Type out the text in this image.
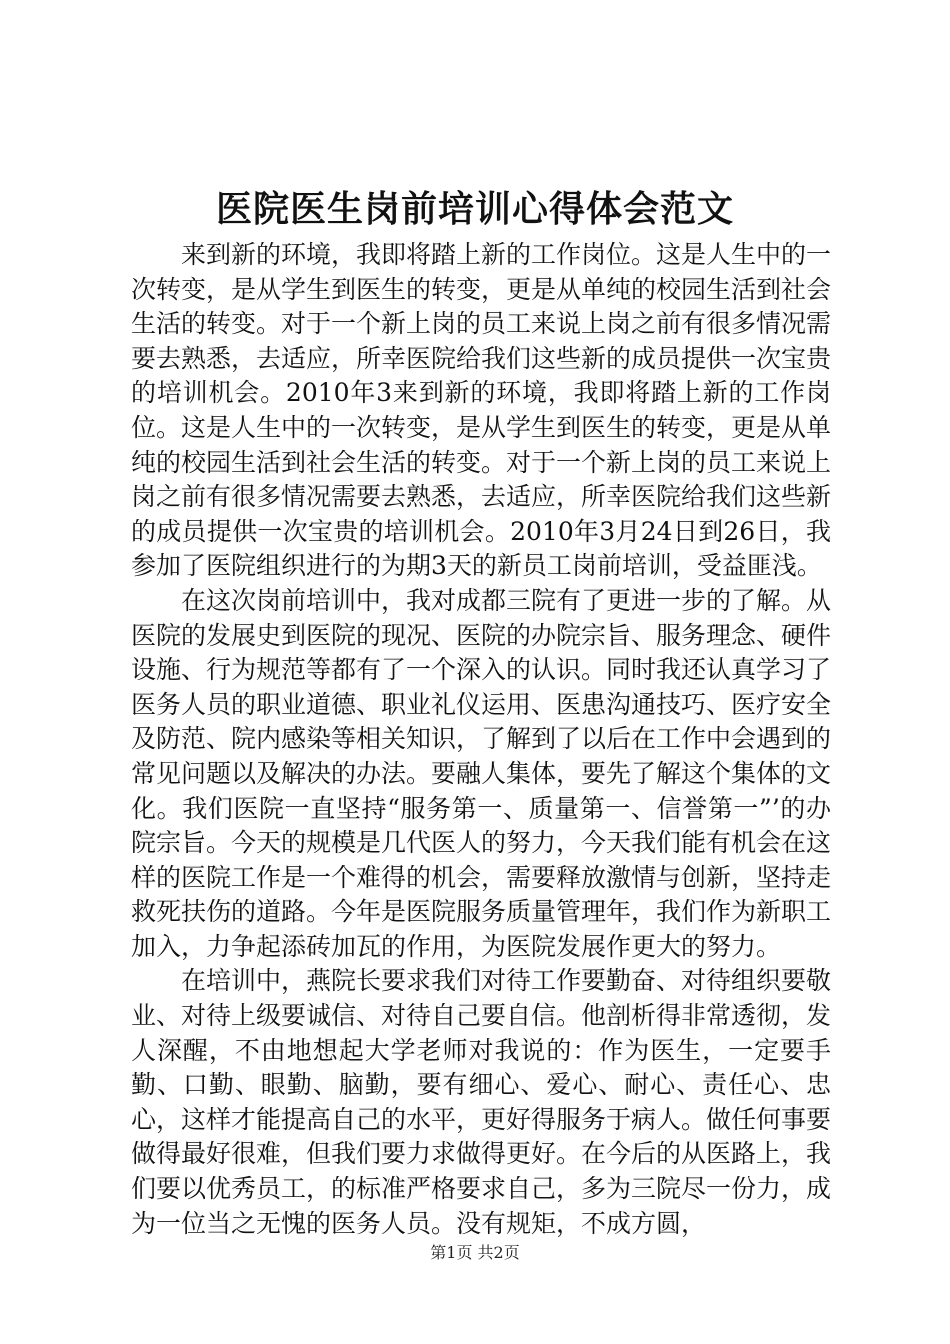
医院医生岗前培训心得体会范文

来到新的环境，我即将踏上新的工作岗位。这是人生中的一次转变，是从学生到医生的转变，更是从单纯的校园生活到社会生活的转变。对于一个新上岗的员工来说上岗之前有很多情况需要去熟悉，去适应，所幸医院给我们这些新的成员提供一次宝贵的培训机会。2010年3来到新的环境，我即将踏上新的工作岗位。这是人生中的一次转变，是从学生到医生的转变，更是从单纯的校园生活到社会生活的转变。对于一个新上岗的员工来说上岗之前有很多情况需要去熟悉，去适应，所幸医院给我们这些新的成员提供一次宝贵的培训机会。2010年3月24日到26日，我参加了医院组织进行的为期3天的新员工岗前培训，受益匪浅。

在这次岗前培训中，我对成都三院有了更进一步的了解。从医院的发展史到医院的现况、医院的办院宗旨、服务理念、硬件设施、行为规范等都有了一个深入的认识。同时我还认真学习了医务人员的职业道德、职业礼仪运用、医患沟通技巧、医疗安全及防范、院内感染等相关知识，了解到了以后在工作中会遇到的常见问题以及解决的办法。要融人集体，要先了解这个集体的文化。我们医院一直坚持“服务第一、质量第一、信誉第一”’的办院宗旨。今天的规模是几代医人的努力，今天我们能有机会在这样的医院工作是一个难得的机会，需要释放激情与创新，坚持走救死扶伤的道路。今年是医院服务质量管理年，我们作为新职工加入，力争起添砖加瓦的作用，为医院发展作更大的努力。

在培训中，燕院长要求我们对待工作要勤奋、对待组织要敬业、对待上级要诚信、对待自己要自信。他剖析得非常透彻，发人深醒，不由地想起大学老师对我说的：作为医生，一定要手勤、口勤、眼勤、脑勤，要有细心、爱心、耐心、责任心、忠心，这样才能提高自己的水平，更好得服务于病人。做任何事要做得最好很难，但我们要力求做得更好。在今后的从医路上，我们要以优秀员工，的标准严格要求自己，多为三院尽一份力，成为一位当之无愧的医务人员。没有规矩，不成方圆，

第1页 共2页
